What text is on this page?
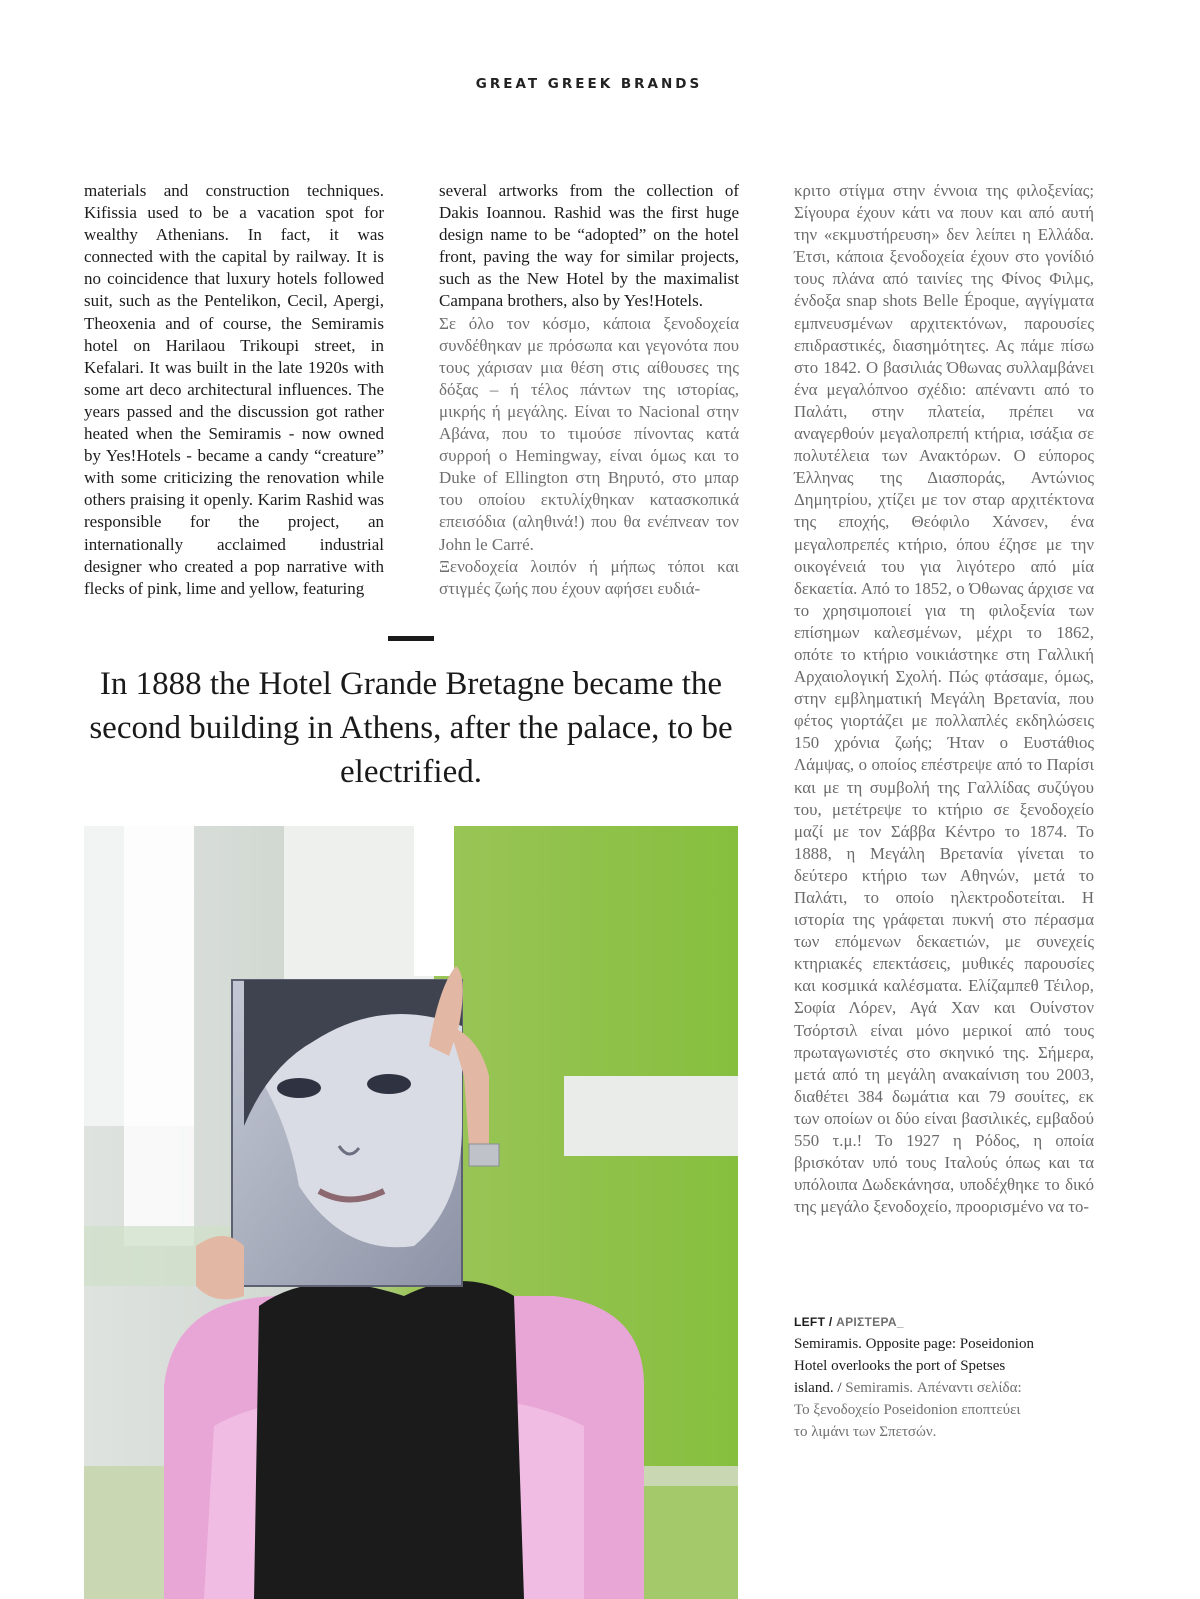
GREAT GREEK BRANDS

materials and construction techniques. Kifissia used to be a vacation spot for wealthy Athenians. In fact, it was connected with the capital by railway. It is no coincidence that luxury hotels followed suit, such as the Pentelikon, Cecil, Apergi, Theoxenia and of course, the Semiramis hotel on Harilaou Trikoupi street, in Kefalari. It was built in the late 1920s with some art deco architectural influences. The years passed and the discussion got rather heated when the Semiramis - now owned by Yes!Hotels - became a candy “creature” with some criticizing the renovation while others praising it openly. Karim Rashid was responsible for the project, an internationally acclaimed industrial designer who created a pop narrative with flecks of pink, lime and yellow, featuring

several artworks from the collection of Dakis Ioannou. Rashid was the first huge design name to be “adopted” on the hotel front, paving the way for similar projects, such as the New Hotel by the maximalist Campana brothers, also by Yes!Hotels.

Σε όλο τον κόσμο, κάποια ξενοδοχεία συνδέθηκαν με πρόσωπα και γεγονότα που τους χάρισαν μια θέση στις αίθουσες της δόξας – ή τέλος πάντων της ιστορίας, μικρής ή μεγάλης. Είναι το Nacional στην Αβάνα, που το τιμούσε πίνοντας κατά συρροή ο Hemingway, είναι όμως και το Duke of Ellington στη Βηρυτό, στο μπαρ του οποίου εκτυλίχθηκαν κατασκοπικά επεισόδια (αληθινά!) που θα ενέπνεαν τον John le Carré.

Ξενοδοχεία λοιπόν ή μήπως τόποι και στιγμές ζωής που έχουν αφήσει ευδιά-

κριτο στίγμα στην έννοια της φιλοξενίας; Σίγουρα έχουν κάτι να πουν και από αυτή την «εκμυστήρευση» δεν λείπει η Ελλάδα. Έτσι, κάποια ξενοδοχεία έχουν στο γονίδιό τους πλάνα από ταινίες της Φίνος Φιλμς, ένδοξα snap shots Belle Époque, αγγίγματα εμπνευσμένων αρχιτεκτόνων, παρουσίες επιδραστικές, διασημότητες. Ας πάμε πίσω στο 1842. Ο βασιλιάς Όθωνας συλλαμβάνει ένα μεγαλόπνοο σχέδιο: απέναντι από το Παλάτι, στην πλατεία, πρέπει να αναγερθούν μεγαλοπρεπή κτήρια, ισάξια σε πολυτέλεια των Ανακτόρων. Ο εύπορος Έλληνας της Διασποράς, Αντώνιος Δημητρίου, χτίζει με τον σταρ αρχιτέκτονα της εποχής, Θεόφιλο Χάνσεν, ένα μεγαλοπρεπές κτήριο, όπου έζησε με την οικογένειά του για λιγότερο από μία δεκαετία. Από το 1852, ο Όθωνας άρχισε να το χρησιμοποιεί για τη φιλοξενία των επίσημων καλεσμένων, μέχρι το 1862, οπότε το κτήριο νοικιάστηκε στη Γαλλική Αρχαιολογική Σχολή. Πώς φτάσαμε, όμως, στην εμβληματική Μεγάλη Βρετανία, που φέτος γιορτάζει με πολλαπλές εκδηλώσεις 150 χρόνια ζωής; Ήταν ο Ευστάθιος Λάμψας, ο οποίος επέστρεψε από το Παρίσι και με τη συμβολή της Γαλλίδας συζύγου του, μετέτρεψε το κτήριο σε ξενοδοχείο μαζί με τον Σάββα Κέντρο το 1874. Το 1888, η Μεγάλη Βρετανία γίνεται το δεύτερο κτήριο των Αθηνών, μετά το Παλάτι, το οποίο ηλεκτροδοτείται. Η ιστορία της γράφεται πυκνή στο πέρασμα των επόμενων δεκαετιών, με συνεχείς κτηριακές επεκτάσεις, μυθικές παρουσίες και κοσμικά καλέσματα. Ελίζαμπεθ Τέιλορ, Σοφία Λόρεν, Αγά Χαν και Ουίνστον Τσόρτσιλ είναι μόνο μερικοί από τους πρωταγωνιστές στο σκηνικό της. Σήμερα, μετά από τη μεγάλη ανακαίνιση του 2003, διαθέτει 384 δωμάτια και 79 σουίτες, εκ των οποίων οι δύο είναι βασιλικές, εμβαδού 550 τ.μ.! Το 1927 η Ρόδος, η οποία βρισκόταν υπό τους Ιταλούς όπως και τα υπόλοιπα Δωδεκάνησα, υποδέχθηκε το δικό της μεγάλο ξενοδοχείο, προορισμένο να το-

In 1888 the Hotel Grande Bretagne became the second building in Athens, after the palace, to be electrified.
LEFT / ΑΡΙΣΤΕΡΑ_
Semiramis. Opposite page: Poseidonion Hotel overlooks the port of Spetses island. / Semiramis. Απέναντι σελίδα: Το ξενοδοχείο Poseidonion εποπτεύει το λιμάνι των Σπετσών.
